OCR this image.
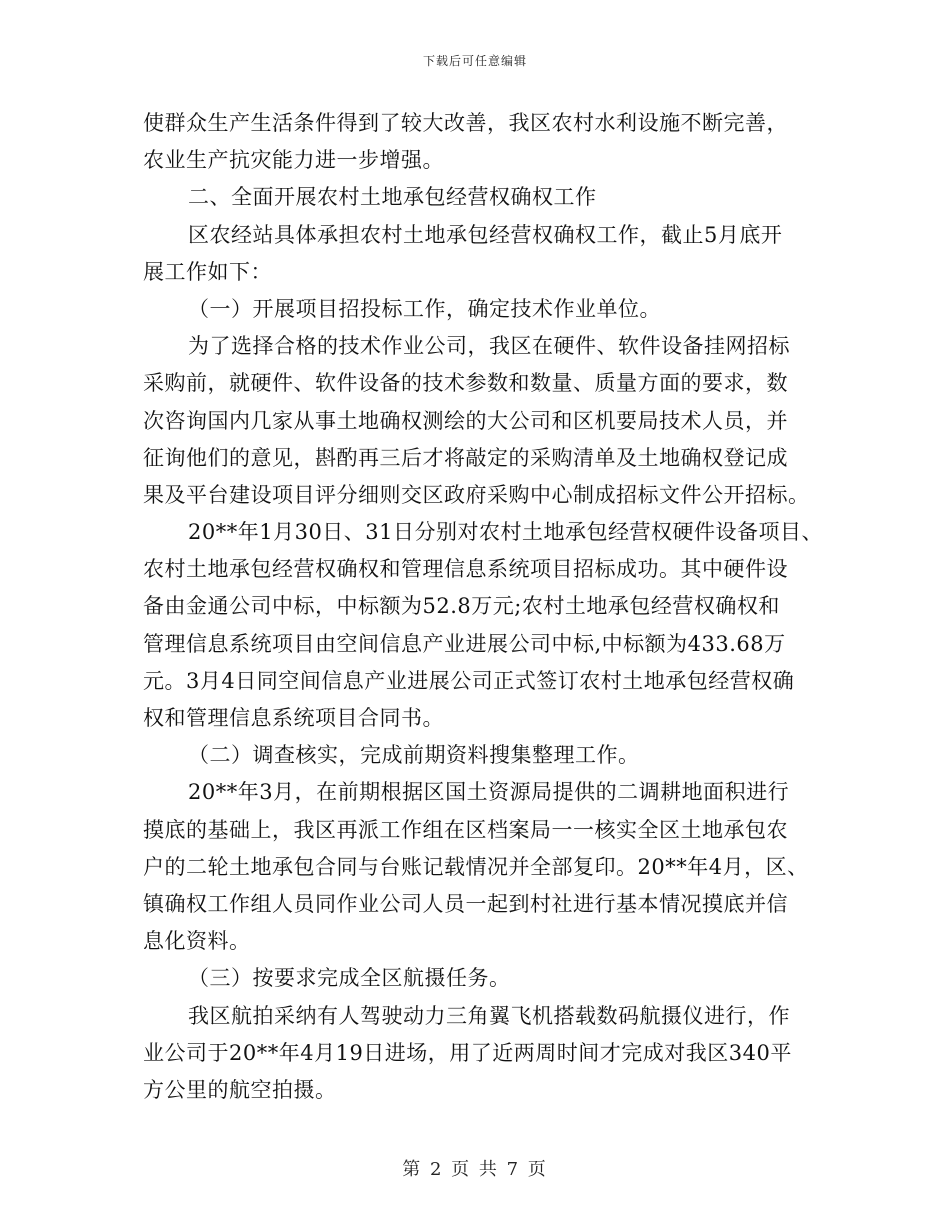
下载后可任意编辑
使群众生产生活条件得到了较大改善，我区农村水利设施不断完善，
农业生产抗灾能力进一步增强。
二、全面开展农村土地承包经营权确权工作
区农经站具体承担农村土地承包经营权确权工作，截止5月底开
展工作如下：
（一）开展项目招投标工作，确定技术作业单位。
为了选择合格的技术作业公司，我区在硬件、软件设备挂网招标
采购前，就硬件、软件设备的技术参数和数量、质量方面的要求，数
次咨询国内几家从事土地确权测绘的大公司和区机要局技术人员，并
征询他们的意见，斟酌再三后才将敲定的采购清单及土地确权登记成
果及平台建设项目评分细则交区政府采购中心制成招标文件公开招标。
20**年1月30日、31日分别对农村土地承包经营权硬件设备项目、
农村土地承包经营权确权和管理信息系统项目招标成功。其中硬件设
备由金通公司中标，中标额为52.8万元;农村土地承包经营权确权和
管理信息系统项目由空间信息产业进展公司中标,中标额为433.68万
元。3月4日同空间信息产业进展公司正式签订农村土地承包经营权确
权和管理信息系统项目合同书。
（二）调查核实，完成前期资料搜集整理工作。
20**年3月，在前期根据区国土资源局提供的二调耕地面积进行
摸底的基础上，我区再派工作组在区档案局一一核实全区土地承包农
户的二轮土地承包合同与台账记载情况并全部复印。20**年4月，区、
镇确权工作组人员同作业公司人员一起到村社进行基本情况摸底并信
息化资料。
（三）按要求完成全区航摄任务。
我区航拍采纳有人驾驶动力三角翼飞机搭载数码航摄仪进行，作
业公司于20**年4月19日进场，用了近两周时间才完成对我区340平
方公里的航空拍摄。
第 2 页 共 7 页
